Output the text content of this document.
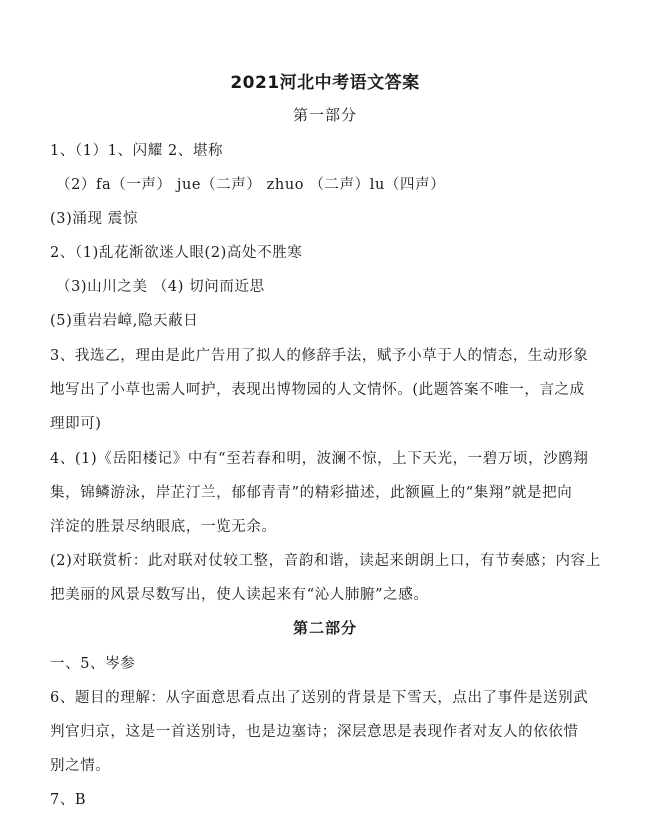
2021河北中考语文答案
第一部分
1、（1）1、闪耀 2、堪称
（2）fa（一声） jue（二声） zhuo （二声）lu（四声）
(3)涌现 震惊
2、（1)乱花渐欲迷人眼(2)高处不胜寒
（3)山川之美 （4) 切问而近思
(5)重岩岩嶂,隐天蔽日
3、我选乙，理由是此广告用了拟人的修辞手法，赋予小草于人的情态，生动形象
地写出了小草也需人呵护，表现出博物园的人文情怀。(此题答案不唯一，言之成
理即可)
4、(1)《岳阳楼记》中有“至若春和明，波澜不惊，上下天光，一碧万顷，沙鸥翔
集，锦鳞游泳，岸芷汀兰，郁郁青青”的精彩描述，此额匾上的“集翔”就是把向
洋淀的胜景尽纳眼底，一览无余。
(2)对联赏析：此对联对仗较工整，音韵和谐，读起来朗朗上口，有节奏感；内容上
把美丽的风景尽数写出，使人读起来有“沁人肺腑”之感。
第二部分
一、5、岑参
6、题目的理解：从字面意思看点出了送别的背景是下雪天，点出了事件是送别武
判官归京，这是一首送别诗，也是边塞诗；深层意思是表现作者对友人的依依惜
别之情。
7、B
